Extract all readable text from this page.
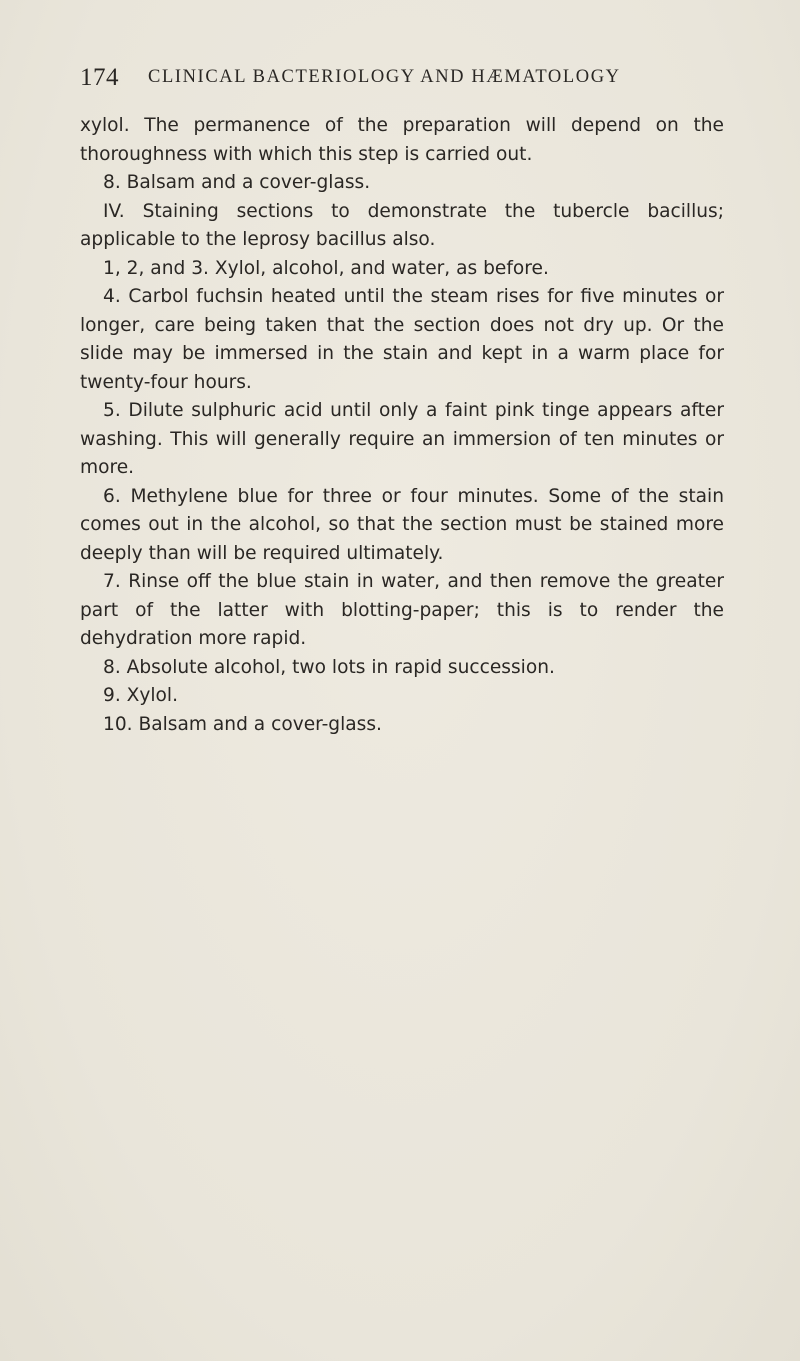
174 CLINICAL BACTERIOLOGY AND HÆMATOLOGY

xylol. The permanence of the preparation will depend on the thoroughness with which this step is carried out.

8. Balsam and a cover-glass.

IV. Staining sections to demonstrate the tubercle bacillus; applicable to the leprosy bacillus also.

1, 2, and 3. Xylol, alcohol, and water, as before.

4. Carbol fuchsin heated until the steam rises for five minutes or longer, care being taken that the section does not dry up. Or the slide may be immersed in the stain and kept in a warm place for twenty-four hours.

5. Dilute sulphuric acid until only a faint pink tinge appears after washing. This will generally require an immersion of ten minutes or more.

6. Methylene blue for three or four minutes. Some of the stain comes out in the alcohol, so that the section must be stained more deeply than will be required ultimately.

7. Rinse off the blue stain in water, and then remove the greater part of the latter with blotting-paper; this is to render the dehydration more rapid.

8. Absolute alcohol, two lots in rapid succession.

9. Xylol.

10. Balsam and a cover-glass.
